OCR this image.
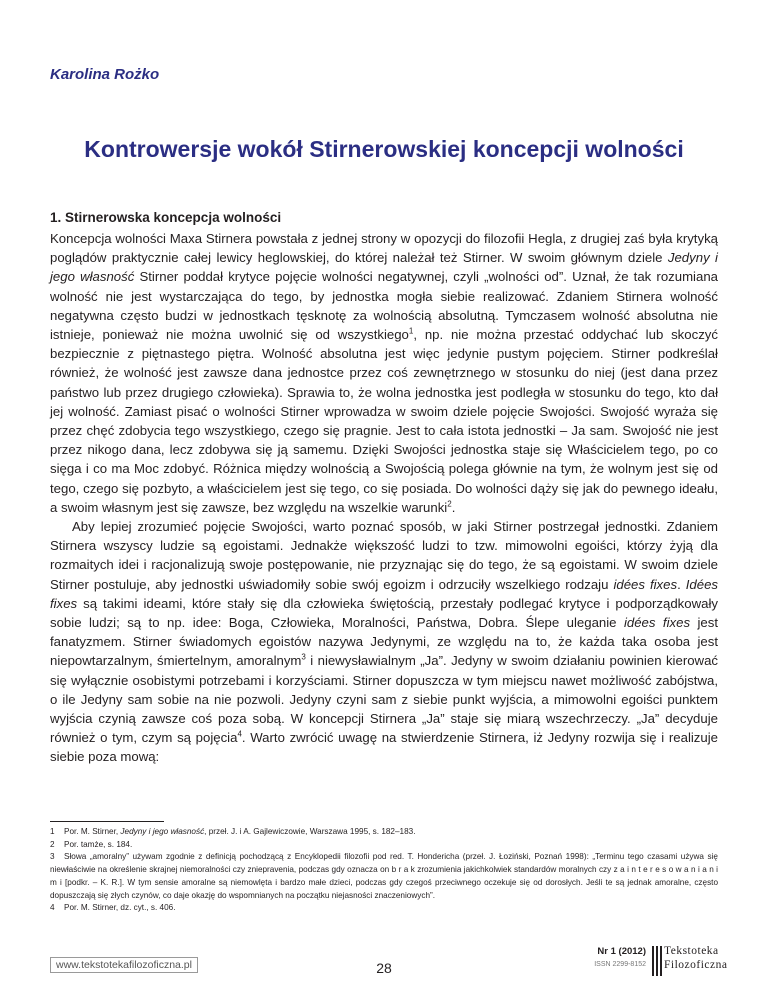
Karolina Rożko
Kontrowersje wokół Stirnerowskiej koncepcji wolności
1. Stirnerowska koncepcja wolności

Koncepcja wolności Maxa Stirnera powstała z jednej strony w opozycji do filozofii Hegla, z drugiej zaś była krytyką poglądów praktycznie całej lewicy heglowskiej, do której należał też Stirner. W swoim głównym dziele Jedyny i jego własność Stirner poddał krytyce pojęcie wolności negatywnej, czyli „wolności od”. Uznał, że tak rozumiana wolność nie jest wystarczająca do tego, by jednostka mogła siebie realizować. Zdaniem Stirnera wolność negatywna często budzi w jednostkach tęsknotę za wolnością absolutną. Tymczasem wolność absolutna nie istnieje, ponieważ nie można uwolnić się od wszystkiego$^1$, np. nie można przestać oddychać lub skoczyć bezpiecznie z piętnastego piętra. Wolność absolutna jest więc jedynie pustym pojęciem. Stirner podkreślał również, że wolność jest zawsze dana jednostce przez coś zewnętrznego w stosunku do niej (jest dana przez państwo lub przez drugiego człowieka). Sprawia to, że wolna jednostka jest podległa w stosunku do tego, kto dał jej wolność. Zamiast pisać o wolności Stirner wprowadza w swoim dziele pojęcie Swojości. Swojość wyraża się przez chęć zdobycia tego wszystkiego, czego się pragnie. Jest to cała istota jednostki – Ja sam. Swojość nie jest przez nikogo dana, lecz zdobywa się ją samemu. Dzięki Swojości jednostka staje się Właścicielem tego, po co sięga i co ma Moc zdobyć. Różnica między wolnością a Swojością polega głównie na tym, że wolnym jest się od tego, czego się pozbyto, a właścicielem jest się tego, co się posiada. Do wolności dąży się jak do pewnego ideału, a swoim własnym jest się zawsze, bez względu na wszelkie warunki$^2$.

Aby lepiej zrozumieć pojęcie Swojości, warto poznać sposób, w jaki Stirner postrzegał jednostki. Zdaniem Stirnera wszyscy ludzie są egoistami. Jednakże większość ludzi to tzw. mimowolni egoiści, którzy żyją dla rozmaitych idei i racjonalizują swoje postępowanie, nie przyznając się do tego, że są egoistami. W swoim dziele Stirner postuluje, aby jednostki uświadomiły sobie swój egoizm i odrzuciły wszelkiego rodzaju idées fixes. Idées fixes są takimi ideami, które stały się dla człowieka świętością, przestały podlegać krytyce i podporządkowały sobie ludzi; są to np. idee: Boga, Człowieka, Moralności, Państwa, Dobra. Ślepe uleganie idées fixes jest fanatyzmem. Stirner świadomych egoistów nazywa Jedynymi, ze względu na to, że każda taka osoba jest niepowtarzalnym, śmiertelnym, amoralnym$^3$ i niewysławialnym „Ja”. Jedyny w swoim działaniu powinien kierować się wyłącznie osobistymi potrzebami i korzyściami. Stirner dopuszcza w tym miejscu nawet możliwość zabójstwa, o ile Jedyny sam sobie na nie pozwoli. Jedyny czyni sam z siebie punkt wyjścia, a mimowolni egoiści punktem wyjścia czynią zawsze coś poza sobą. W koncepcji Stirnera „Ja” staje się miarą wszechrzeczy. „Ja” decyduje również o tym, czym są pojęcia$^4$. Warto zwrócić uwagę na stwierdzenie Stirnera, iż Jedyny rozwija się i realizuje siebie poza mową:

1 Por. M. Stirner, Jedyny i jego własność, przeł. J. i A. Gajlewiczowie, Warszawa 1995, s. 182–183.

2 Por. tamże, s. 184.

3 Słowa „amoralny” używam zgodnie z definicją pochodzącą z Encyklopedii filozofii pod red. T. Hondericha (przeł. J. Łoziński, Poznań 1998): „Terminu tego czasami używa się niewłaściwie na określenie skrajnej niemoralności czy zniepravenia, podczas gdy oznacza on b r a k zrozumienia jakichkolwiek standardów moralnych czy z a i n t e r e s o w a n i a n i m i [podkr. – K. R.]. W tym sensie amoralne są niemowlęta i bardzo małe dzieci, podczas gdy czegoś przeciwnego oczekuje się od dorosłych. Jeśli te są jednak amoralne, często dopuszczają się złych czynów, co daje okazję do wspomnianych na początku niejasności znaczeniowych”.

4 Por. M. Stirner, dz. cyt., s. 406.

www.tekstotekafilozoficzna.pl	28
Nr 1 (2012)
ISSN 2299-8152
Tekstoteka
Filozoficzna
